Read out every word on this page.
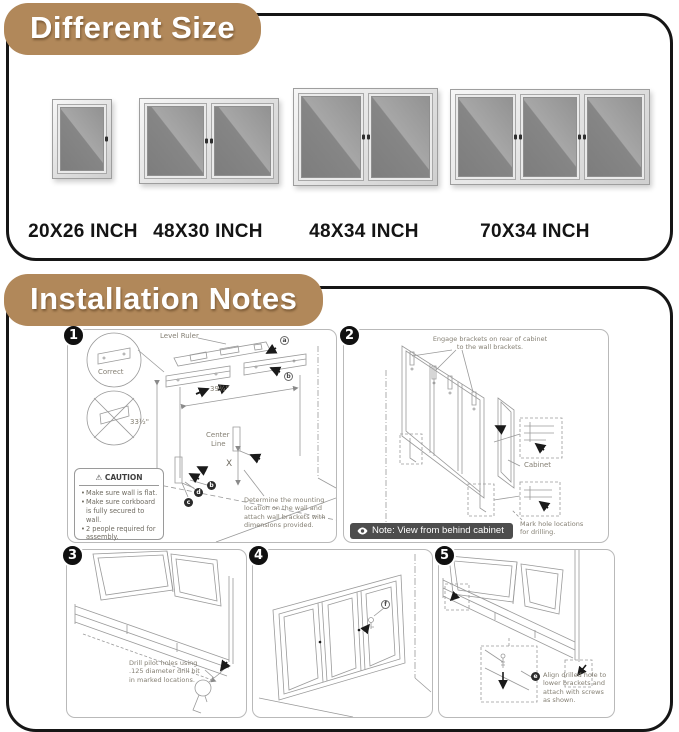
Different Size
20X26 INCH 48X30 INCH 48X34 INCH	70X34 INCH
Installation Notes
1	Level Ruler
Correct
39¾"
33½"
Center
Line
X
a
b
c
d
b
⚠ CAUTION
• Make sure wall is flat.
• Make sure corkboard is fully secured to wall.
• 2 people required for assembly.
Determine the mounting location on the wall and attach wall brackets with dimensions provided.
2	Engage brackets on rear of cabinet to the wall brackets.
Cabinet
Mark hole locations for drilling.
Note: View from behind cabinet
3
Drill pilot holes using .125 diameter drill bit in marked locations.
4
f
5
e Align drilled hole to lower brackets and attach with screws as shown.
